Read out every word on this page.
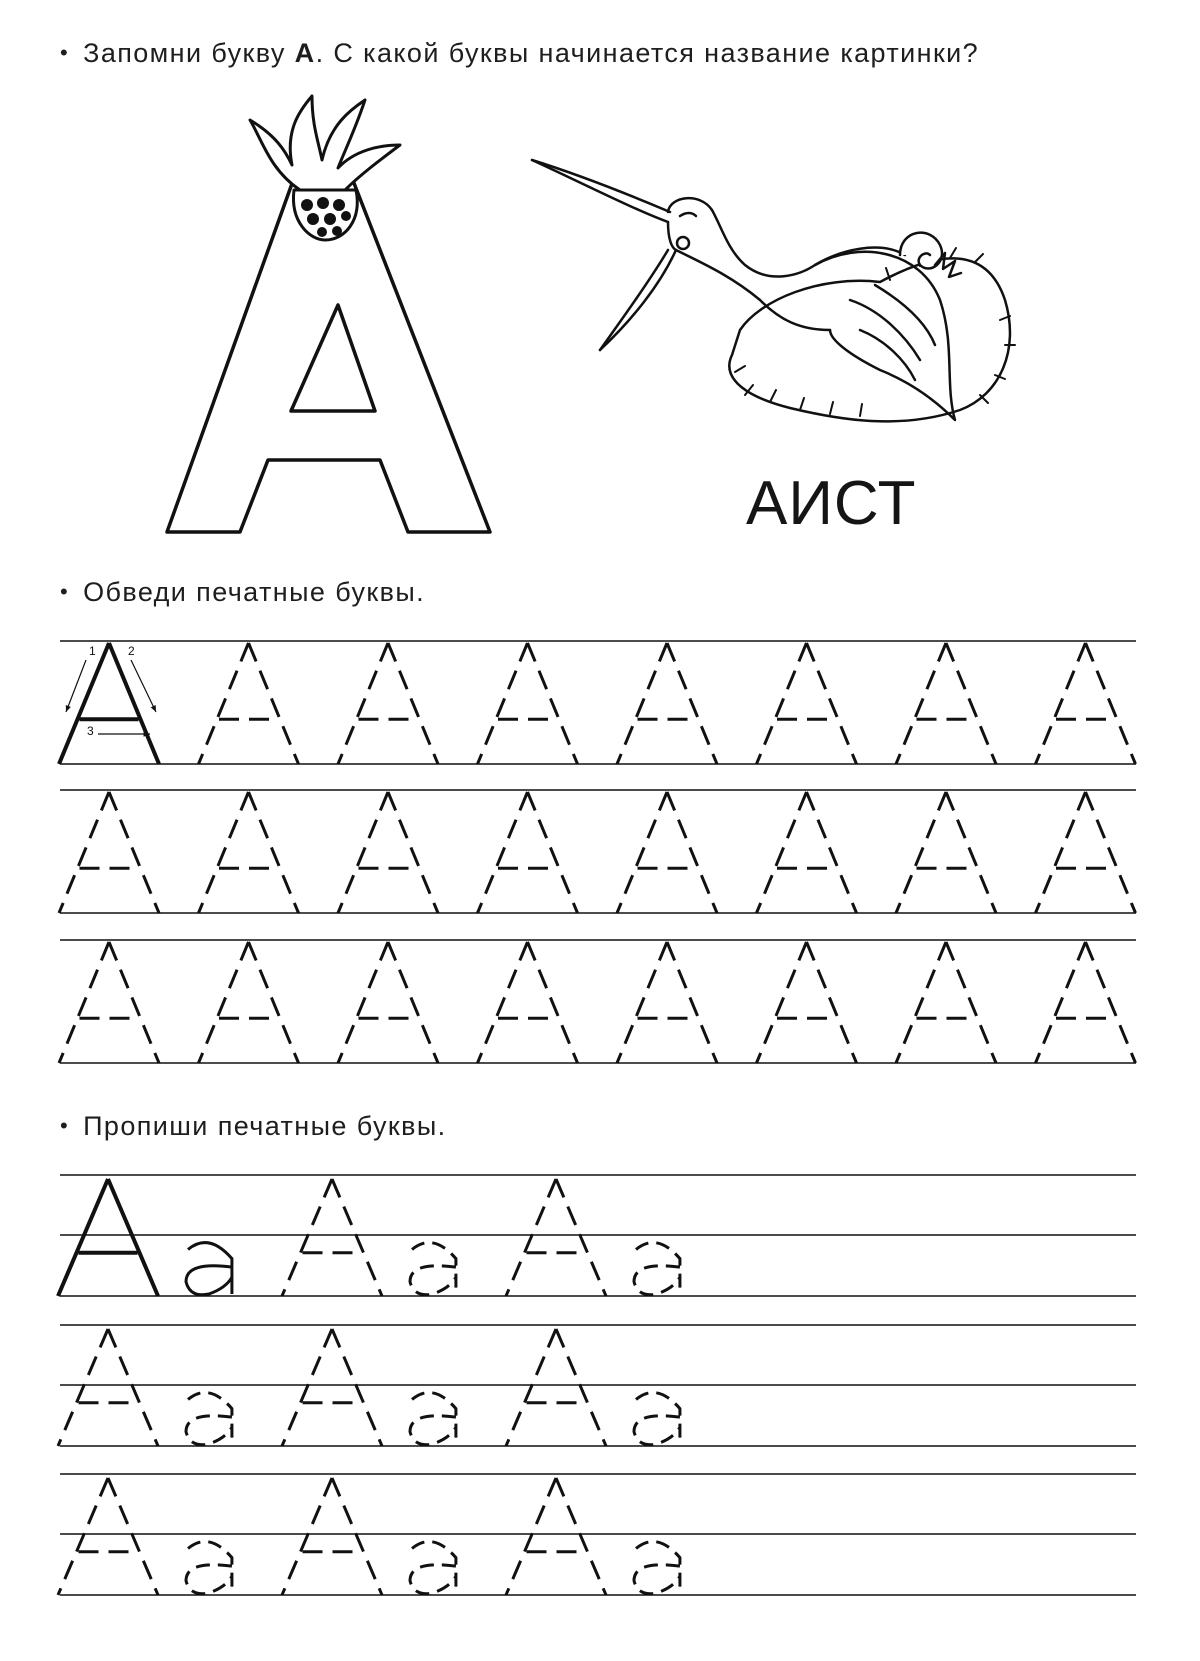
• Запомни букву А. С какой буквы начинается название картинки?
АИСТ
• Обведи печатные буквы.
• Пропиши печатные буквы.
1	2
3
